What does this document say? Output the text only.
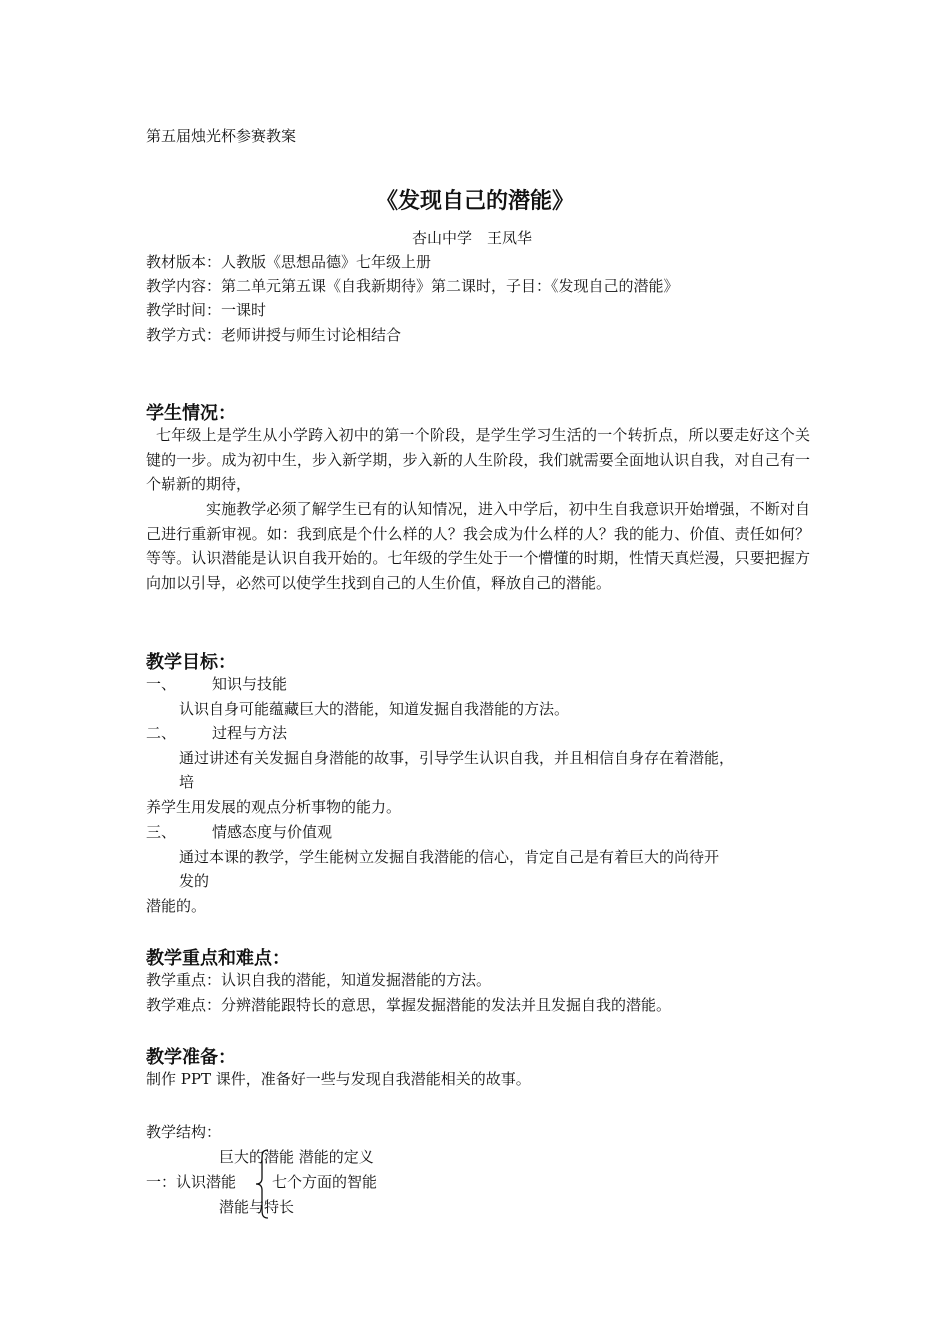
第五届烛光杯参赛教案
《发现自己的潜能》
杏山中学　王凤华
教材版本：人教版《思想品德》七年级上册
教学内容：第二单元第五课《自我新期待》第二课时，子目：《发现自己的潜能》
教学时间：一课时
教学方式：老师讲授与师生讨论相结合
学生情况：
七年级上是学生从小学跨入初中的第一个阶段，是学生学习生活的一个转折点，所以要走好这个关键的一步。成为初中生，步入新学期，步入新的人生阶段，我们就需要全面地认识自我，对自己有一个崭新的期待，
实施教学必须了解学生已有的认知情况，进入中学后，初中生自我意识开始增强，不断对自己进行重新审视。如：我到底是个什么样的人？我会成为什么样的人？我的能力、价值、责任如何？等等。认识潜能是认识自我开始的。七年级的学生处于一个懵懂的时期，性情天真烂漫，只要把握方向加以引导，必然可以使学生找到自己的人生价值，释放自己的潜能。
教学目标：
一、 知识与技能
认识自身可能蕴藏巨大的潜能，知道发掘自我潜能的方法。
二、 过程与方法
通过讲述有关发掘自身潜能的故事，引导学生认识自我，并且相信自身存在着潜能，
培
养学生用发展的观点分析事物的能力。
三、 情感态度与价值观
通过本课的教学，学生能树立发掘自我潜能的信心，肯定自己是有着巨大的尚待开
发的
潜能的。
教学重点和难点：
教学重点：认识自我的潜能，知道发掘潜能的方法。
教学难点：分辨潜能跟特长的意思，掌握发掘潜能的发法并且发掘自我的潜能。
教学准备：
制作 PPT 课件，准备好一些与发现自我潜能相关的故事。
教学结构：
巨大的潜能 潜能的定义
一：认识潜能 七个方面的智能
潜能与特长
